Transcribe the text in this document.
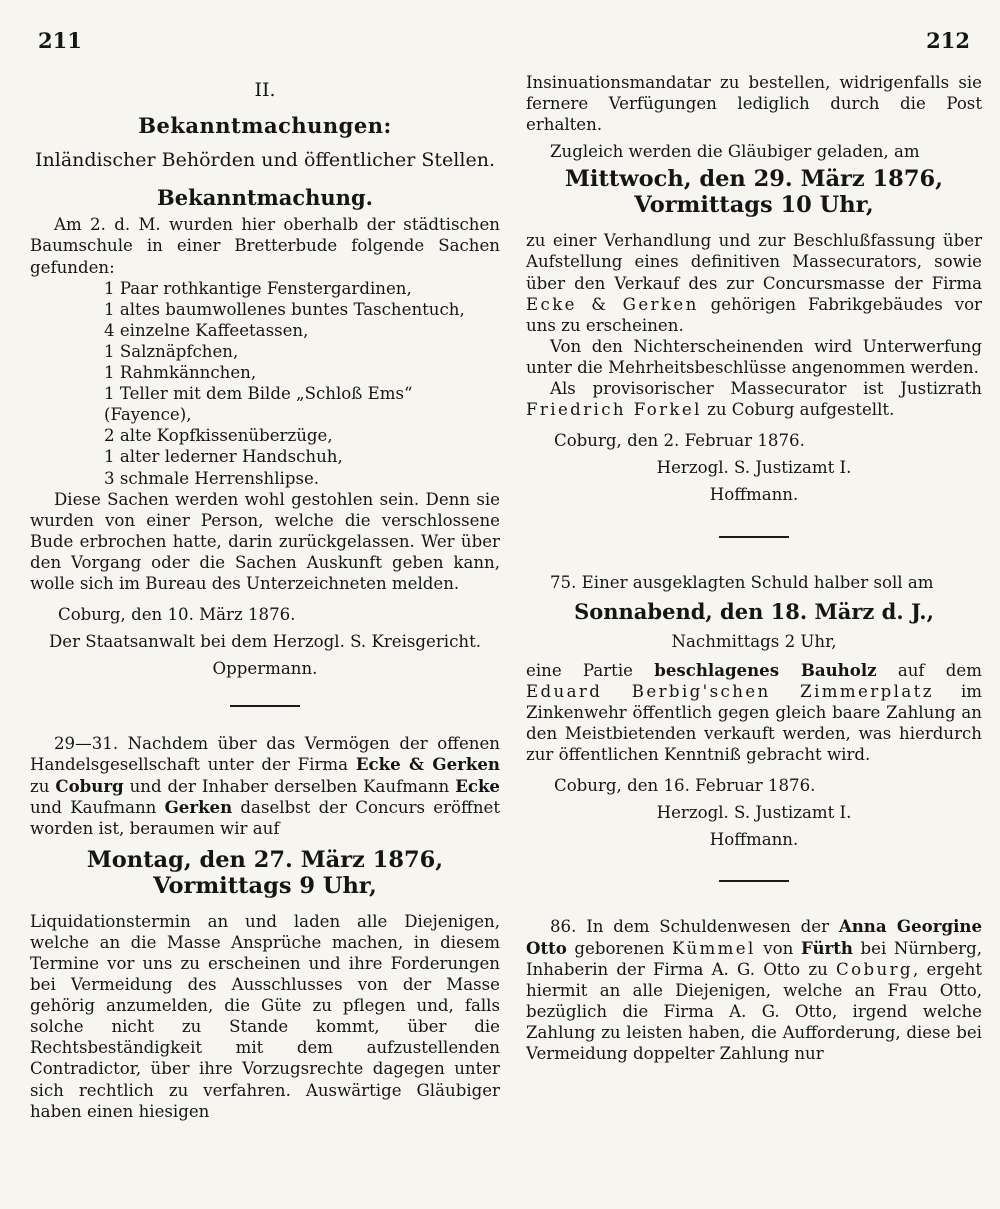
211	212

II.

Bekanntmachungen:

Inländischer Behörden und öffentlicher Stellen.

Bekanntmachung.

Am 2. d. M. wurden hier oberhalb der städtischen Baumschule in einer Bretterbude folgende Sachen gefunden:

1 Paar rothkantige Fenstergardinen,
1 altes baumwollenes buntes Taschentuch,
4 einzelne Kaffeetassen,
1 Salznäpfchen,
1 Rahmkännchen,
1 Teller mit dem Bilde „Schloß Ems“ (Fayence),
2 alte Kopfkissenüberzüge,
1 alter lederner Handschuh,
3 schmale Herrenshlipse.

Diese Sachen werden wohl gestohlen sein. Denn sie wurden von einer Person, welche die verschlossene Bude erbrochen hatte, darin zurückgelassen. Wer über den Vorgang oder die Sachen Auskunft geben kann, wolle sich im Bureau des Unterzeichneten melden.

Coburg, den 10. März 1876.

Der Staatsanwalt bei dem Herzogl. S. Kreisgericht.

Oppermann.

29—31. Nachdem über das Vermögen der offenen Handelsgesellschaft unter der Firma Ecke & Gerken zu Coburg und der Inhaber derselben Kaufmann Ecke und Kaufmann Gerken daselbst der Concurs eröffnet worden ist, beraumen wir auf

Montag, den 27. März 1876,
Vormittags 9 Uhr,

Liquidationstermin an und laden alle Diejenigen, welche an die Masse Ansprüche machen, in diesem Termine vor uns zu erscheinen und ihre Forderungen bei Vermeidung des Ausschlusses von der Masse gehörig anzumelden, die Güte zu pflegen und, falls solche nicht zu Stande kommt, über die Rechtsbeständigkeit mit dem aufzustellenden Contradictor, über ihre Vorzugsrechte dagegen unter sich rechtlich zu verfahren. Auswärtige Gläubiger haben einen hiesigen

Insinuationsmandatar zu bestellen, widrigenfalls sie fernere Verfügungen lediglich durch die Post erhalten.

Zugleich werden die Gläubiger geladen, am

Mittwoch, den 29. März 1876,
Vormittags 10 Uhr,

zu einer Verhandlung und zur Beschlußfassung über Aufstellung eines definitiven Massecurators, sowie über den Verkauf des zur Concursmasse der Firma Ecke & Gerken gehörigen Fabrikgebäudes vor uns zu erscheinen.

Von den Nichterscheinenden wird Unterwerfung unter die Mehrheitsbeschlüsse angenommen werden.

Als provisorischer Massecurator ist Justizrath Friedrich Forkel zu Coburg aufgestellt.

Coburg, den 2. Februar 1876.

Herzogl. S. Justizamt I.

Hoffmann.

75. Einer ausgeklagten Schuld halber soll am

Sonnabend, den 18. März d. J.,

Nachmittags 2 Uhr,

eine Partie beschlagenes Bauholz auf dem Eduard Berbig'schen Zimmerplatz im Zinkenwehr öffentlich gegen gleich baare Zahlung an den Meistbietenden verkauft werden, was hierdurch zur öffentlichen Kenntniß gebracht wird.

Coburg, den 16. Februar 1876.

Herzogl. S. Justizamt I.

Hoffmann.

86. In dem Schuldenwesen der Anna Georgine Otto geborenen Kümmel von Fürth bei Nürnberg, Inhaberin der Firma A. G. Otto zu Coburg, ergeht hiermit an alle Diejenigen, welche an Frau Otto, bezüglich die Firma A. G. Otto, irgend welche Zahlung zu leisten haben, die Aufforderung, diese bei Vermeidung doppelter Zahlung nur
